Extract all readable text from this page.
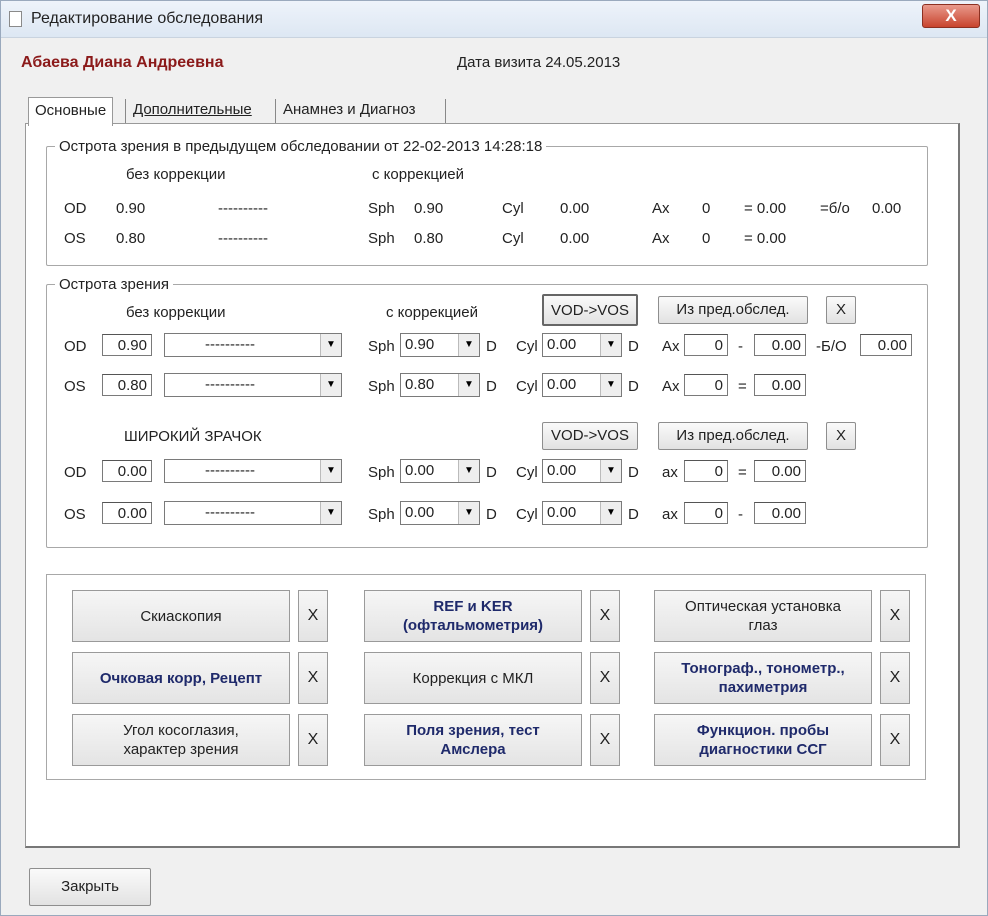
Редактирование обследования	X
Абаева Диана Андреевна	Дата визита 24.05.2013
Основные	Дополнительные	Анамнез и Диагноз
Острота зрения в предыдущем обследовании от 22-02-2013 14:28:18
без коррекции	с коррекцией
OD 0.90	----------	Sph 0.90	Cyl 0.00	Ax 0 = 0.00 =б/о 0.00
OS 0.80	----------	Sph 0.80	Cyl 0.00	Ax 0 = 0.00
Острота зрения
без коррекции	с коррекцией	VOD->VOS	Из пред.обслед.	X
OD	0.90	----------	▼	Sph 0.90	▼ D Cyl 0.00	▼ D Ax	0	-	0.00	-Б/О	0.00
OS	0.80	----------	▼	Sph 0.80	▼ D Cyl 0.00	▼ D Ax	0	=	0.00
ШИРОКИЙ ЗРАЧОК	VOD->VOS	Из пред.обслед.	X
OD	0.00	----------	▼	Sph 0.00	▼ D Cyl 0.00	▼ D ax	0	=	0.00
OS	0.00	----------	▼	Sph 0.00	▼ D Cyl 0.00	▼ D ax	0	-	0.00
Скиаскопия	X
REF и KER
(офтальмометрия)
X
Оптическая установка
глаз
X
Очковая корр, Рецепт	X	Коррекция с МКЛ	X
Тонограф., тонометр.,
пахиметрия
X
Угол косоглазия,
характер зрения
X
Поля зрения, тест
Амслера
X
Функцион. пробы
диагностики ССГ
X
Закрыть
